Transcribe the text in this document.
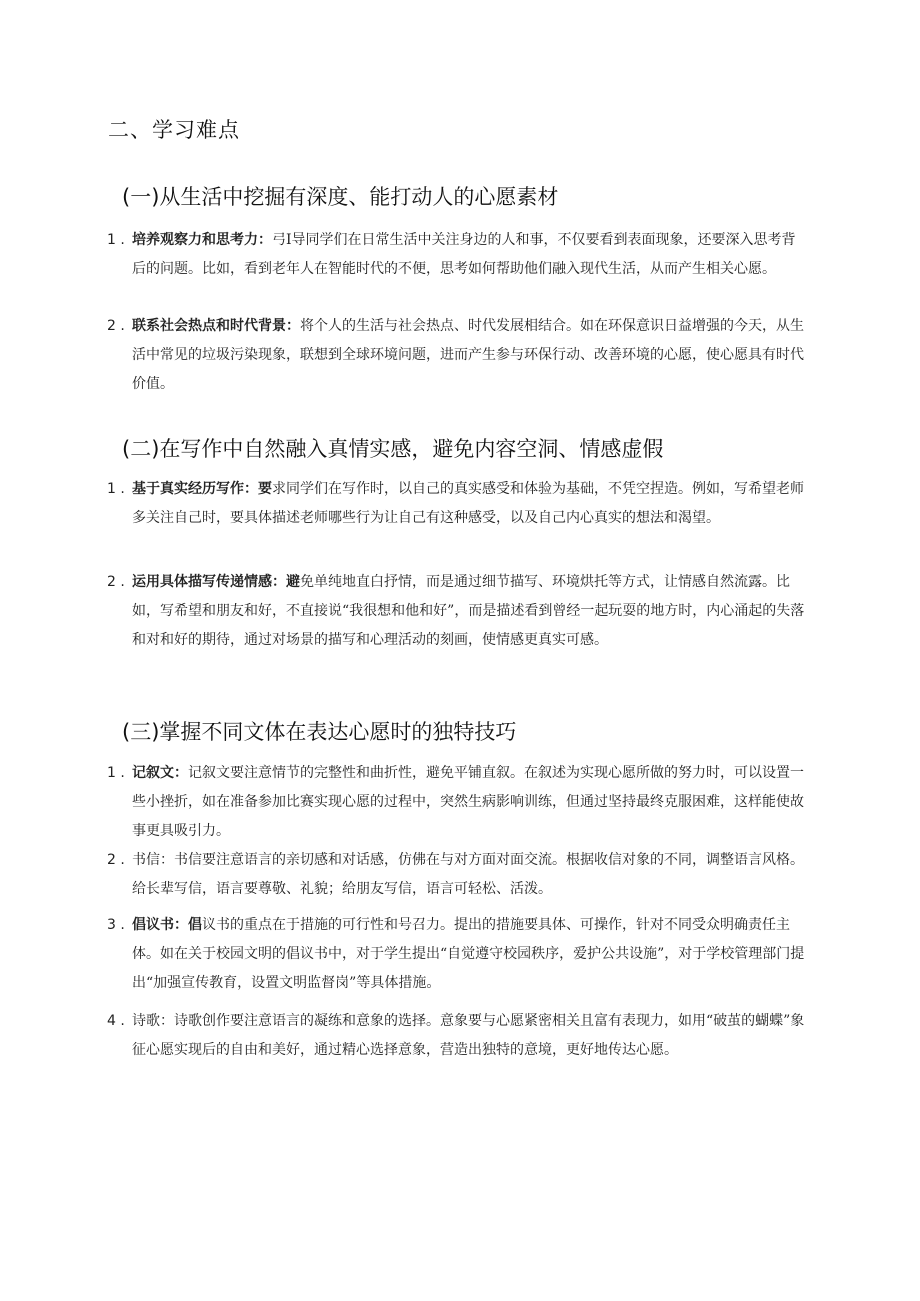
二、学习难点
(一)从生活中挖掘有深度、能打动人的心愿素材
1 . 培养观察力和思考力：弓I导同学们在日常生活中关注身边的人和事，不仅要看到表面现象，还要深入思考背后的问题。比如，看到老年人在智能时代的不便，思考如何帮助他们融入现代生活，从而产生相关心愿。
2 . 联系社会热点和时代背景：将个人的生活与社会热点、时代发展相结合。如在环保意识日益增强的今天，从生活中常见的垃圾污染现象，联想到全球环境问题，进而产生参与环保行动、改善环境的心愿，使心愿具有时代价值。
(二)在写作中自然融入真情实感，避免内容空洞、情感虚假
1 . 基于真实经历写作：要求同学们在写作时，以自己的真实感受和体验为基础，不凭空捏造。例如，写希望老师多关注自己时，要具体描述老师哪些行为让自己有这种感受，以及自己内心真实的想法和渴望。
2 . 运用具体描写传递情感：避免单纯地直白抒情，而是通过细节描写、环境烘托等方式，让情感自然流露。比如，写希望和朋友和好，不直接说“我很想和他和好”，而是描述看到曾经一起玩耍的地方时，内心涌起的失落和对和好的期待，通过对场景的描写和心理活动的刻画，使情感更真实可感。
(三)掌握不同文体在表达心愿时的独特技巧
1 . 记叙文：记叙文要注意情节的完整性和曲折性，避免平铺直叙。在叙述为实现心愿所做的努力时，可以设置一些小挫折，如在准备参加比赛实现心愿的过程中，突然生病影响训练，但通过坚持最终克服困难，这样能使故事更具吸引力。
2 . 书信：书信要注意语言的亲切感和对话感，仿佛在与对方面对面交流。根据收信对象的不同，调整语言风格。给长辈写信，语言要尊敬、礼貌；给朋友写信，语言可轻松、活泼。
3 . 倡议书：倡议书的重点在于措施的可行性和号召力。提出的措施要具体、可操作，针对不同受众明确责任主体。如在关于校园文明的倡议书中，对于学生提出“自觉遵守校园秩序，爱护公共设施”，对于学校管理部门提出“加强宣传教育，设置文明监督岗”等具体措施。
4 . 诗歌：诗歌创作要注意语言的凝练和意象的选择。意象要与心愿紧密相关且富有表现力，如用“破茧的蝴蝶”象征心愿实现后的自由和美好，通过精心选择意象，营造出独特的意境，更好地传达心愿。
